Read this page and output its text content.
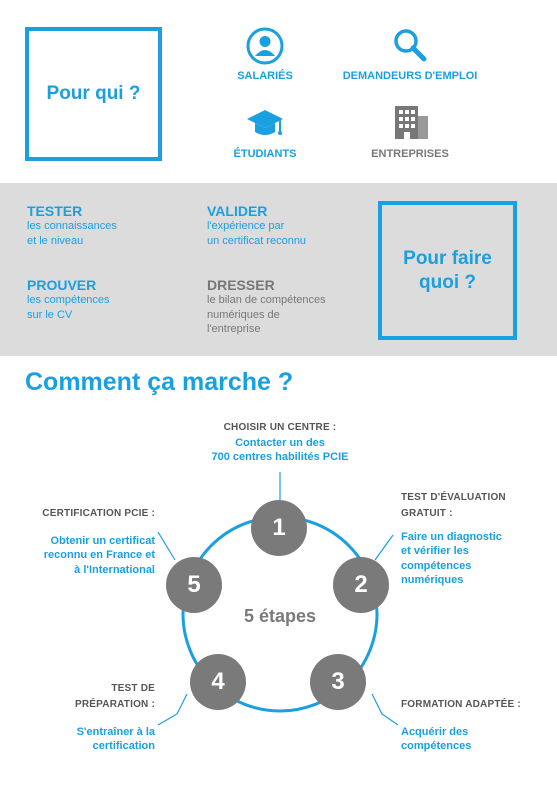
Pour qui ?
SALARIÉS	DEMANDEURS D'EMPLOI
ÉTUDIANTS	ENTREPRISES
TESTER
les connaissances
et le niveau
VALIDER
l'expérience par
un certificat reconnu
PROUVER
les compétences
sur le CV
DRESSER
le bilan de compétences
numériques de
l'entreprise
Pour faire quoi ?
Comment ça marche ?
1
2
3
4
5
5 étapes
CHOISIR UN CENTRE :
Contacter un des
700 centres habilités PCIE
TEST D'ÉVALUATION
GRATUIT :
Faire un diagnostic
et vérifier les
compétences
numériques
FORMATION ADAPTÉE :
Acquérir des
compétences
TEST DE
PRÉPARATION :
S'entraîner à la
certification
CERTIFICATION PCIE :
Obtenir un certificat
reconnu en France et
à l'International
